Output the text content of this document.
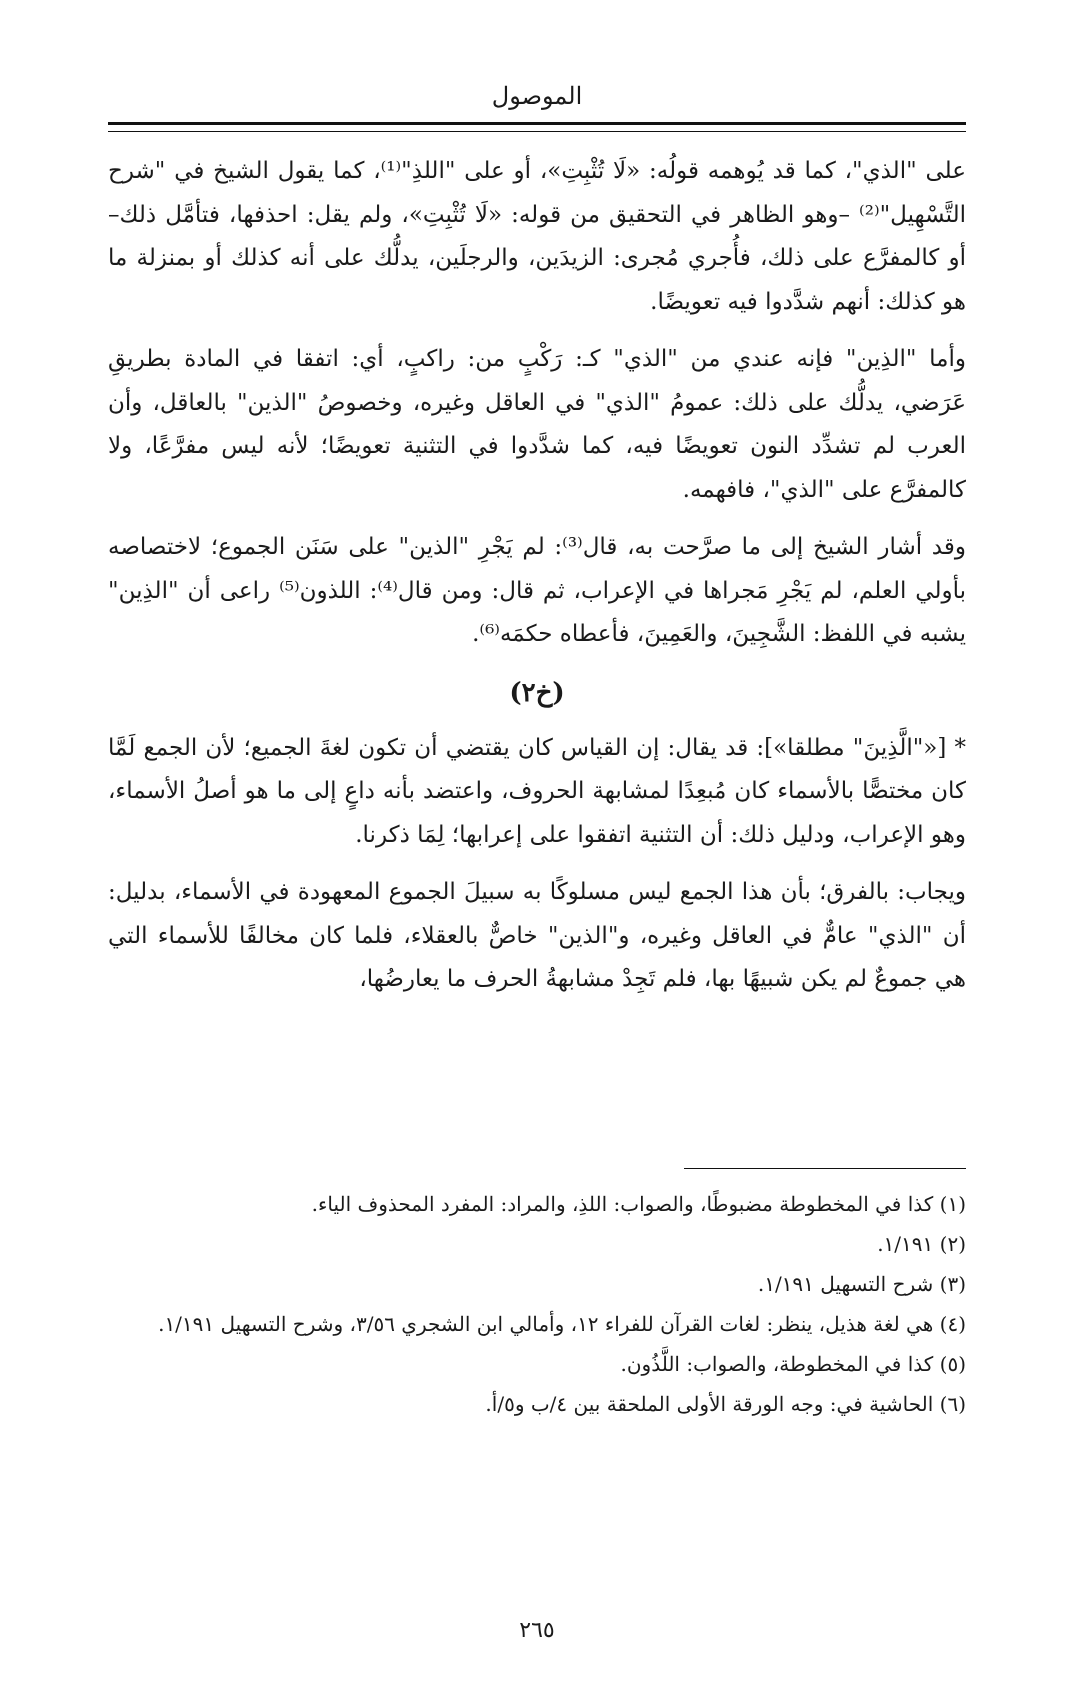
الموصول

على "الذي"، كما قد يُوهمه قولُه: «لَا تُثْبِتِ»، أو على "اللذِ"⁽¹⁾، كما يقول الشيخ في "شرح التَّسْهِيل"⁽²⁾ –وهو الظاهر في التحقيق من قوله: «لَا تُثْبِتِ»، ولم يقل: احذفها، فتأمَّل ذلك– أو كالمفرَّع على ذلك، فأُجري مُجرى: الزيدَين، والرجلَين، يدلُّك على أنه كذلك أو بمنزلة ما هو كذلك: أنهم شدَّدوا فيه تعويضًا.

وأما "الذِين" فإنه عندي من "الذي" كـ: رَكْبٍ من: راكبٍ، أي: اتفقا في المادة بطريقِ عَرَضي، يدلُّك على ذلك: عمومُ "الذي" في العاقل وغيره، وخصوصُ "الذين" بالعاقل، وأن العرب لم تشدِّد النون تعويضًا فيه، كما شدَّدوا في التثنية تعويضًا؛ لأنه ليس مفرَّعًا، ولا كالمفرَّع على "الذي"، فافهمه.

وقد أشار الشيخ إلى ما صرَّحت به، قال⁽³⁾: لم يَجْرِ "الذين" على سَنَن الجموع؛ لاختصاصه بأولي العلم، لم يَجْرِ مَجراها في الإعراب، ثم قال: ومن قال⁽⁴⁾: اللذون⁽⁵⁾ راعى أن "الذِين" يشبه في اللفظ: الشَّجِينَ، والعَمِينَ، فأعطاه حكمَه⁽⁶⁾.

(خ٢)

* [«"الَّذِينَ" مطلقا»]: قد يقال: إن القياس كان يقتضي أن تكون لغةَ الجميع؛ لأن الجمع لَمَّا كان مختصًّا بالأسماء كان مُبعِدًا لمشابهة الحروف، واعتضد بأنه داعٍ إلى ما هو أصلُ الأسماء، وهو الإعراب، ودليل ذلك: أن التثنية اتفقوا على إعرابها؛ لِمَا ذكرنا.

ويجاب: بالفرق؛ بأن هذا الجمع ليس مسلوكًا به سبيلَ الجموع المعهودة في الأسماء، بدليل: أن "الذي" عامٌّ في العاقل وغيره، و"الذين" خاصٌّ بالعقلاء، فلما كان مخالفًا للأسماء التي هي جموعٌ لم يكن شبيهًا بها، فلم تَجِدْ مشابهةُ الحرف ما يعارضُها،

(١) كذا في المخطوطة مضبوطًا، والصواب: اللذِ، والمراد: المفرد المحذوف الياء.

(٢) ١/١٩١.

(٣) شرح التسهيل ١/١٩١.

(٤) هي لغة هذيل، ينظر: لغات القرآن للفراء ١٢، وأمالي ابن الشجري ٣/٥٦، وشرح التسهيل ١/١٩١.

(٥) كذا في المخطوطة، والصواب: اللَّذُون.

(٦) الحاشية في: وجه الورقة الأولى الملحقة بين ٤/ب و٥/أ.

٢٦٥
